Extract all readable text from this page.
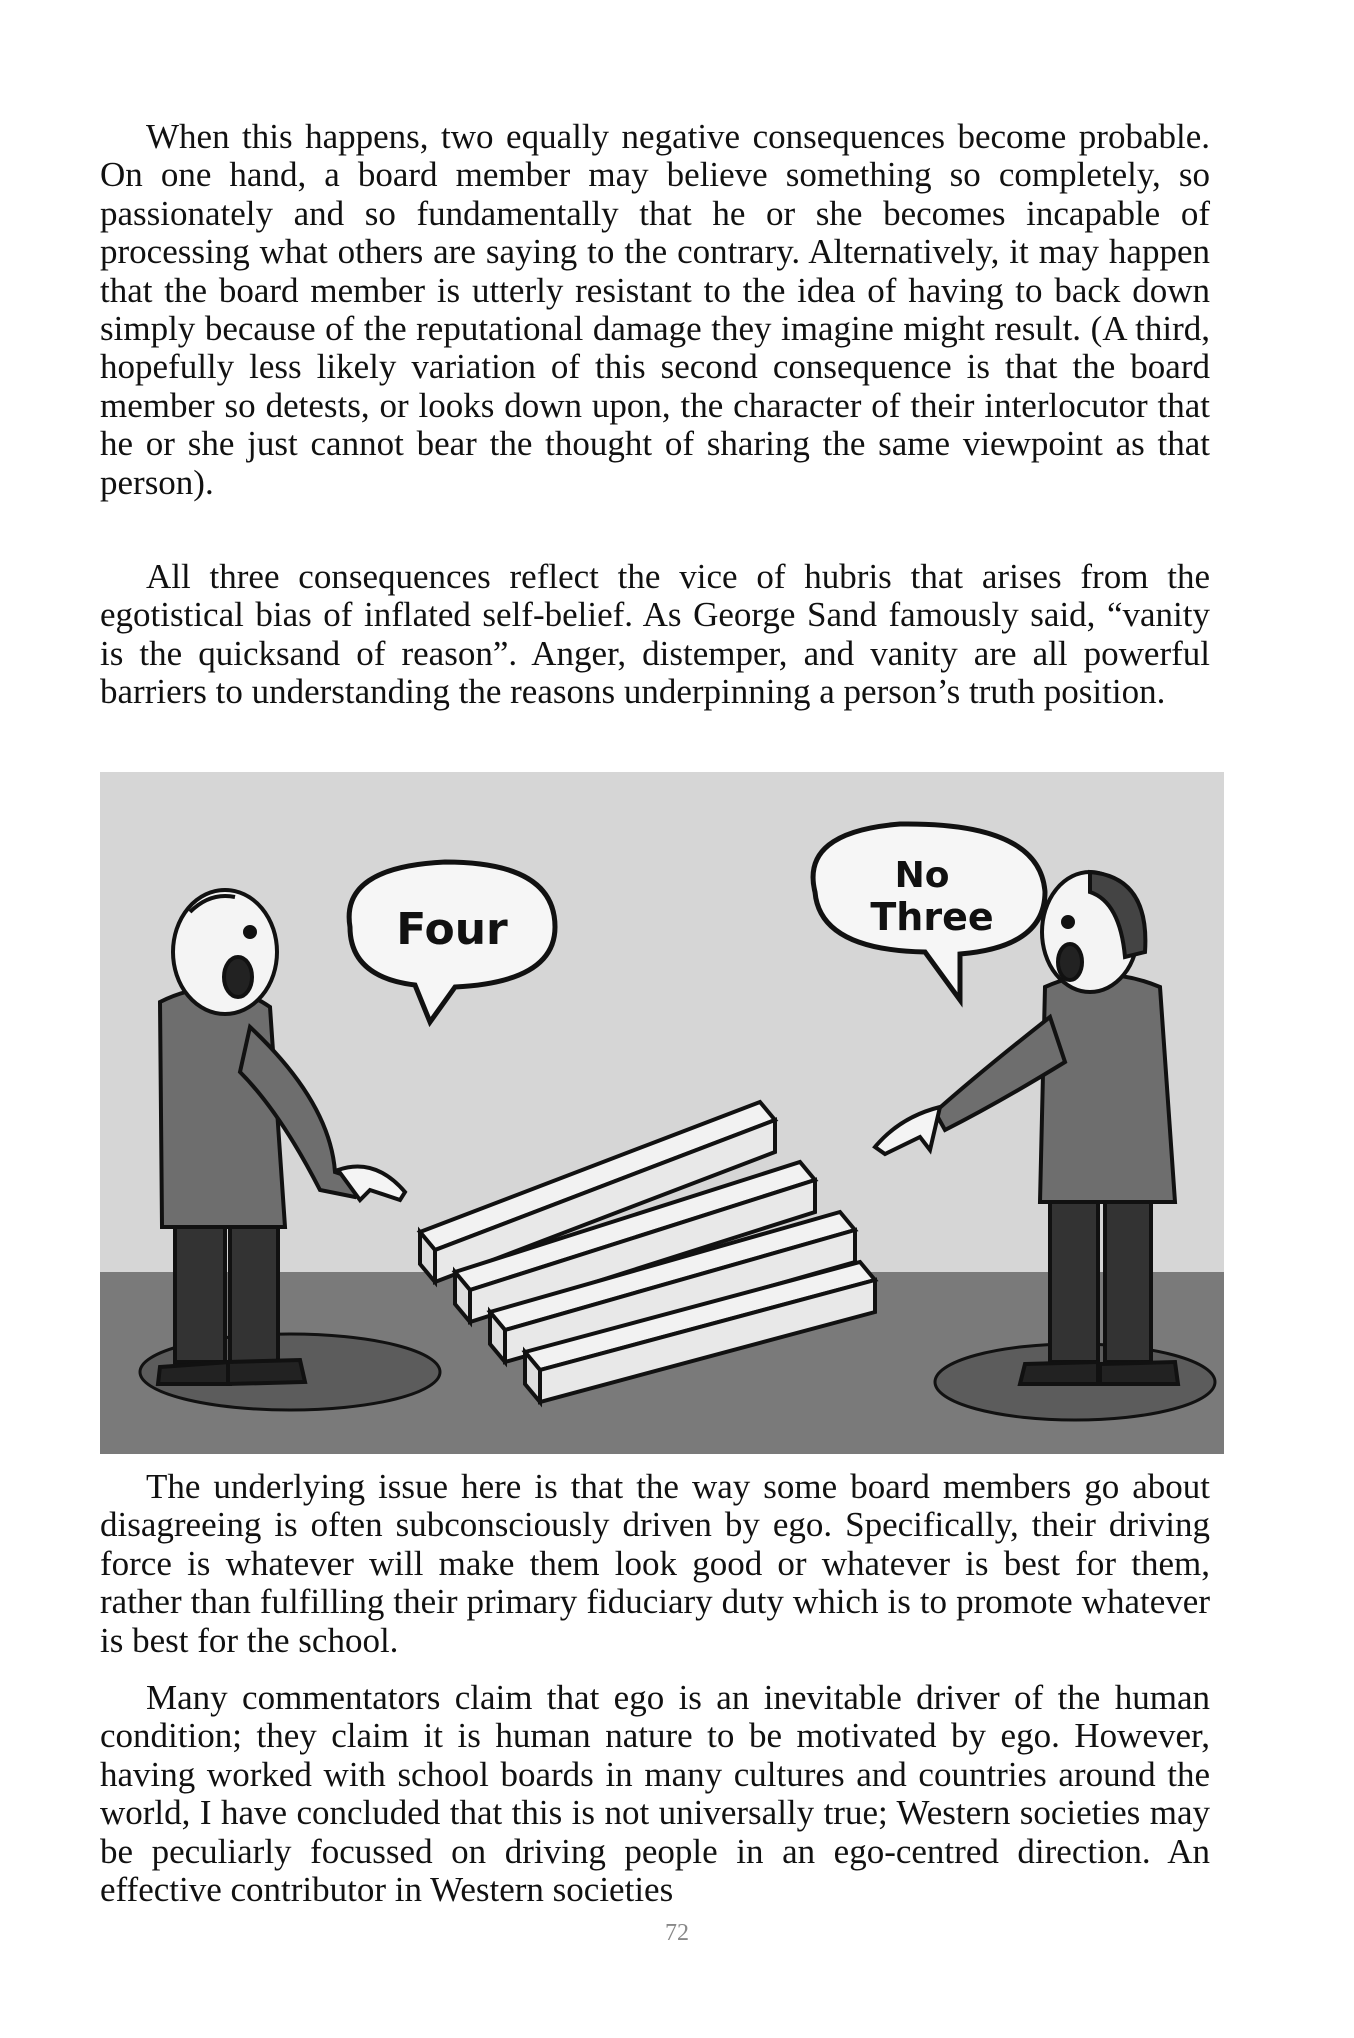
When this happens, two equally negative consequences become probable. On one hand, a board member may believe something so completely, so passionately and so fundamentally that he or she becomes incapable of processing what others are saying to the contrary. Alternatively, it may happen that the board member is utterly resistant to the idea of having to back down simply because of the reputational damage they imagine might result. (A third, hopefully less likely variation of this second consequence is that the board member so detests, or looks down upon, the character of their interlocutor that he or she just cannot bear the thought of sharing the same viewpoint as that person).

All three consequences reflect the vice of hubris that arises from the egotistical bias of inflated self-belief. As George Sand famously said, “vanity is the quicksand of reason”. Anger, distemper, and vanity are all powerful barriers to understanding the reasons underpinning a person’s truth position.

Four
No
Three

The underlying issue here is that the way some board members go about disagreeing is often subconsciously driven by ego. Specifically, their driving force is whatever will make them look good or whatever is best for them, rather than fulfilling their primary fiduciary duty which is to promote whatever is best for the school.

Many commentators claim that ego is an inevitable driver of the human condition; they claim it is human nature to be motivated by ego. However, having worked with school boards in many cultures and countries around the world, I have concluded that this is not universally true; Western societies may be peculiarly focussed on driving people in an ego-centred direction. An effective contributor in Western societies

72
